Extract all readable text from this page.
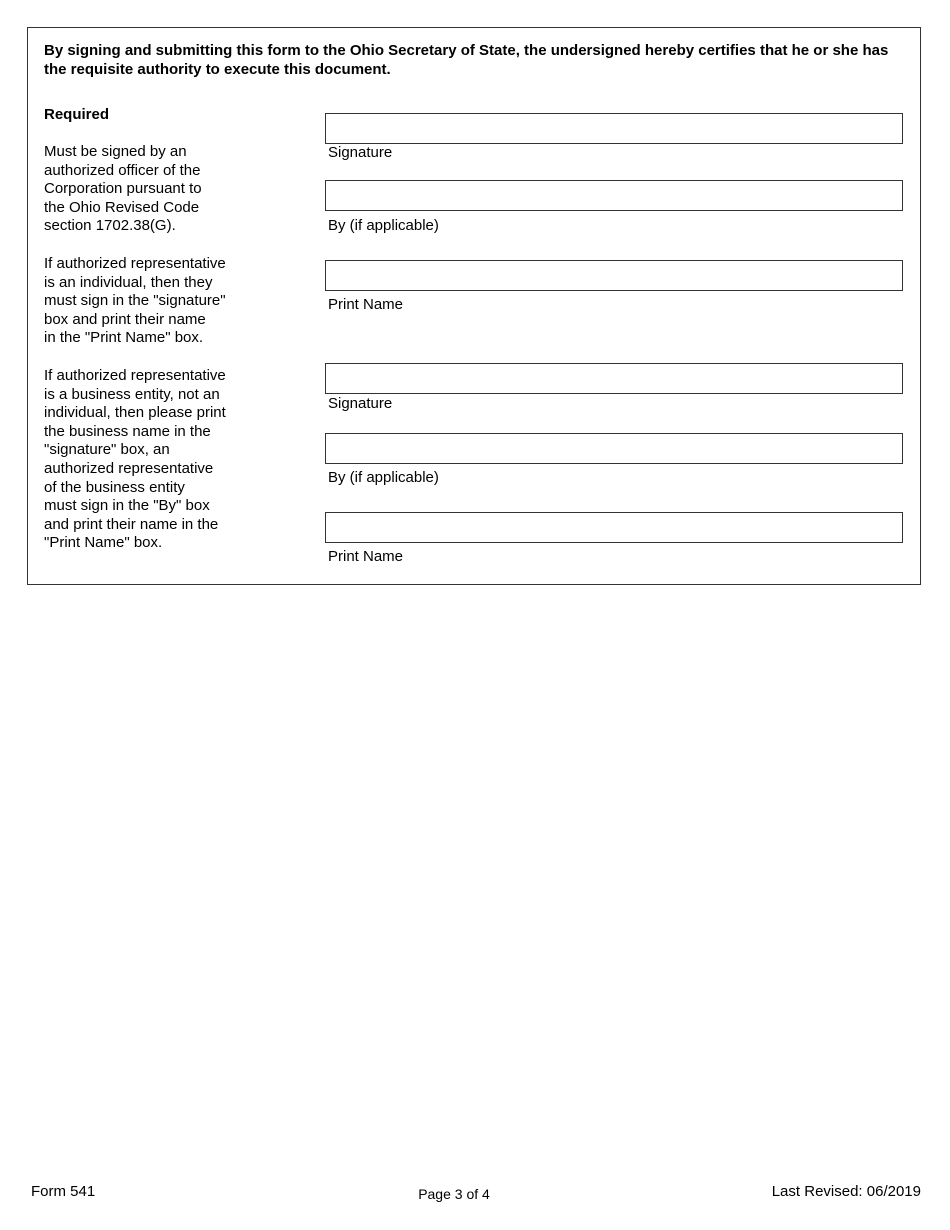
By signing and submitting this form to the Ohio Secretary of State, the undersigned hereby certifies that he or she has the requisite authority to execute this document.
Required
Must be signed by an
authorized officer of the
Corporation pursuant to
the Ohio Revised Code
section 1702.38(G).
If authorized representative
is an individual, then they
must sign in the "signature"
box and print their name
in the "Print Name" box.
If authorized representative
is a business entity, not an
individual, then please print
the business name in the
"signature" box, an
authorized representative
of the business entity
must sign in the "By" box
and print their name in the
"Print Name" box.
Signature
By (if applicable)
Print Name
Signature
By (if applicable)
Print Name
Form 541	Page 3 of 4	Last Revised: 06/2019
